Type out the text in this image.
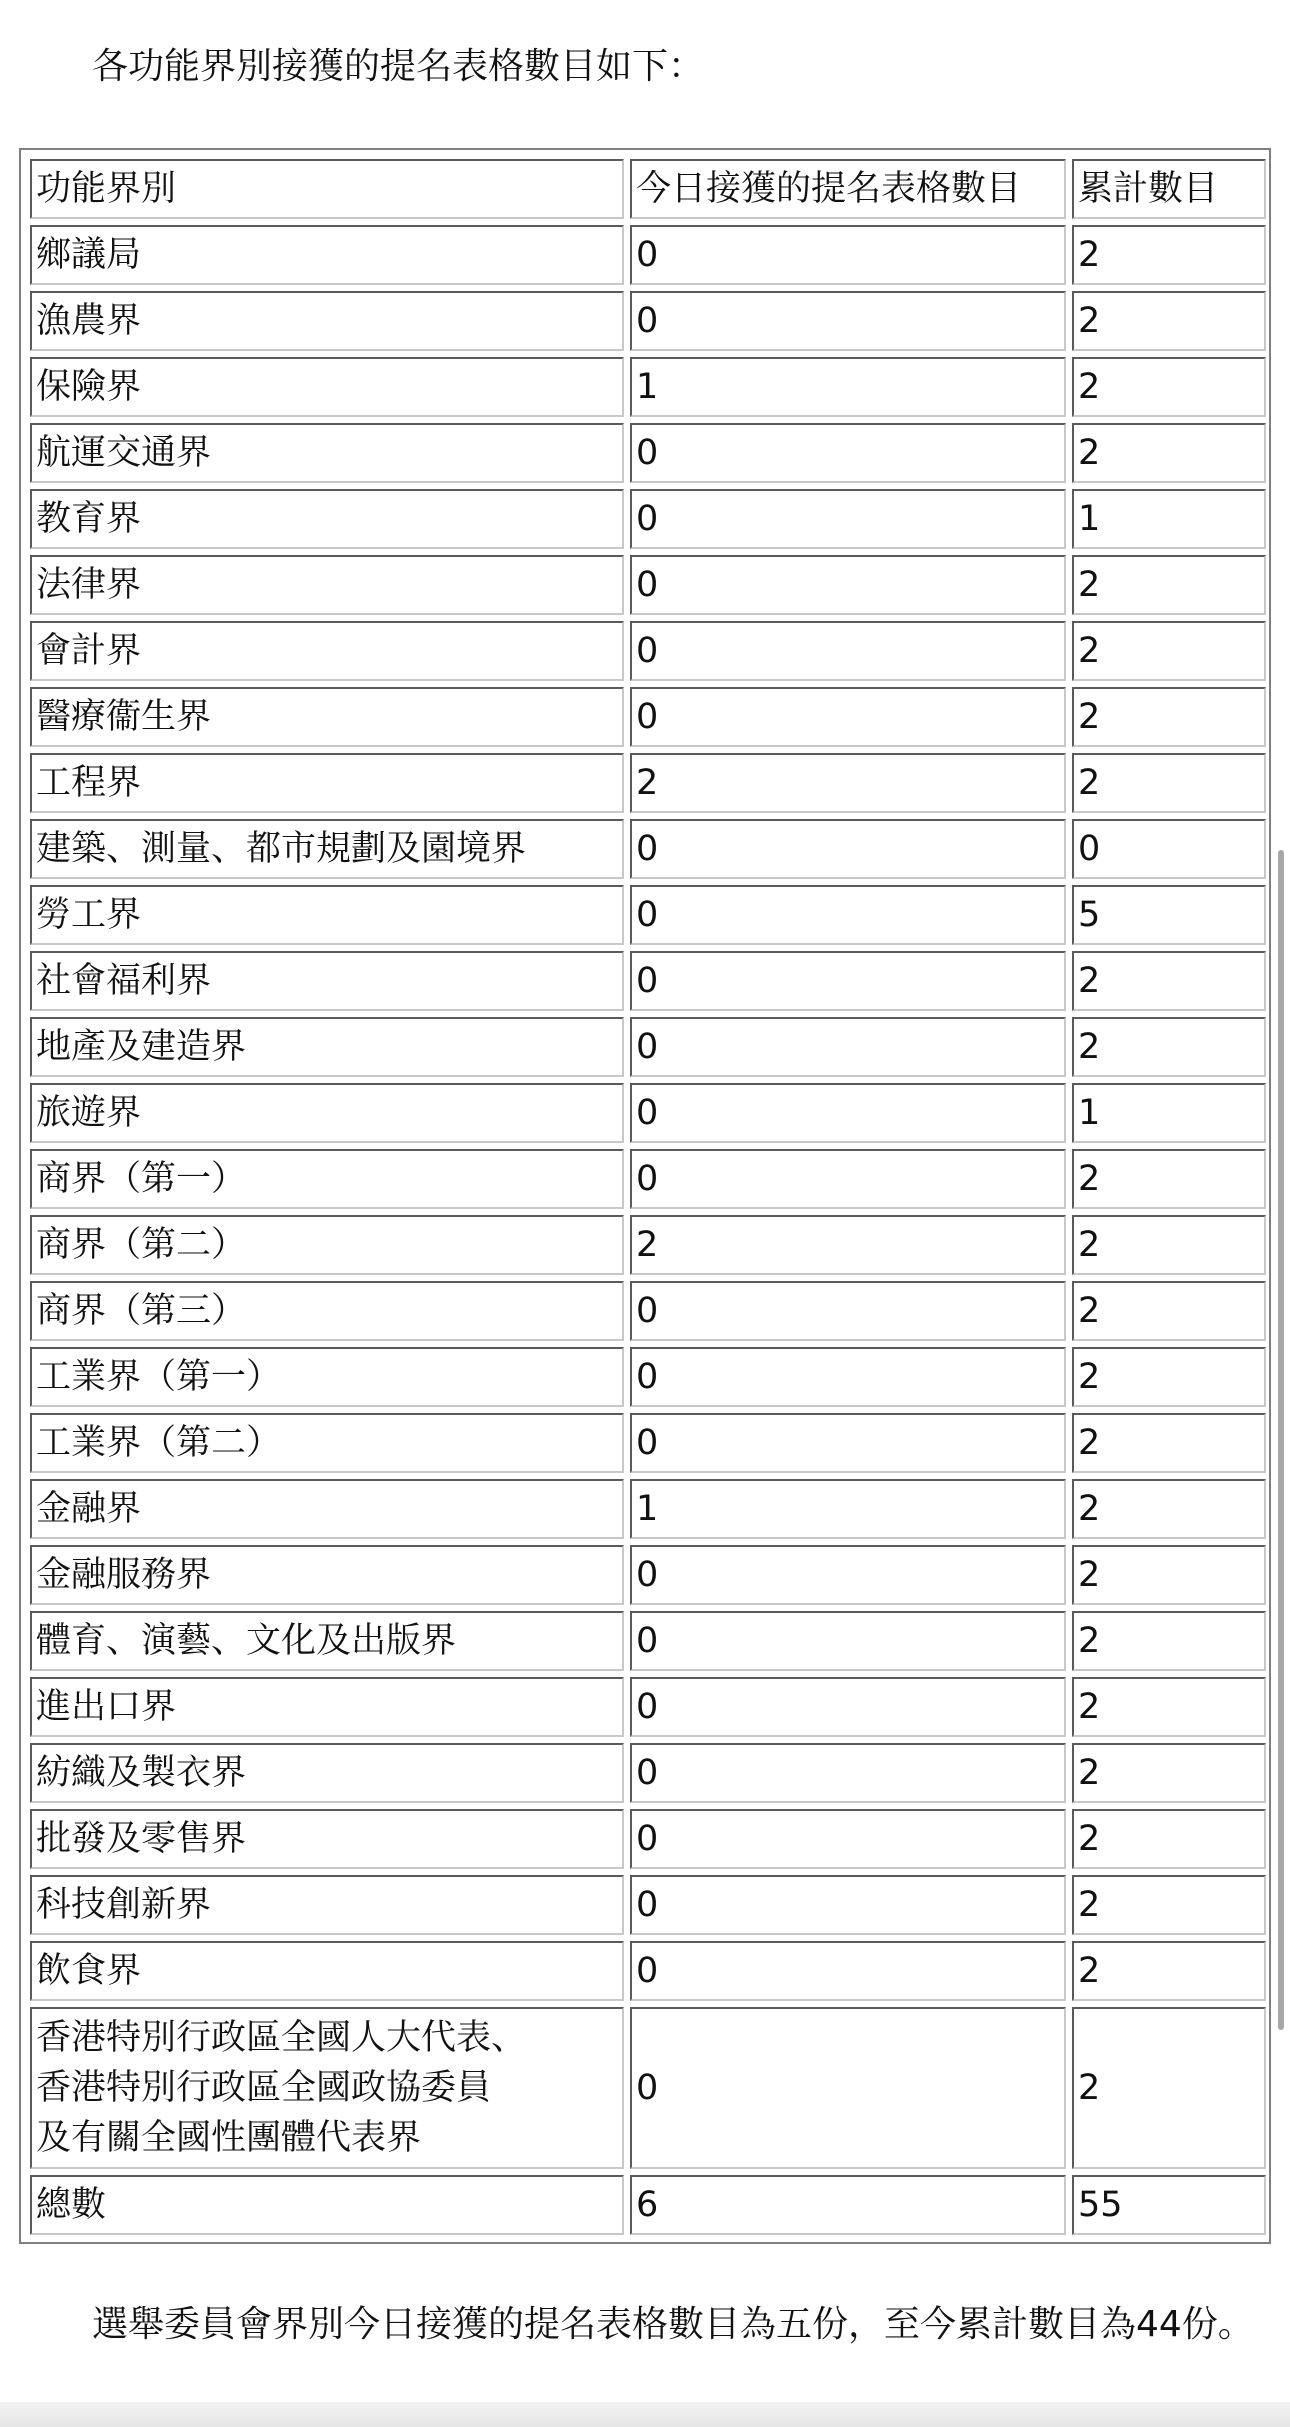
各功能界別接獲的提名表格數目如下：

功能界別	今日接獲的提名表格數目	累計數目
鄉議局	0	2
漁農界	0	2
保險界	1	2
航運交通界	0	2
教育界	0	1
法律界	0	2
會計界	0	2
醫療衞生界	0	2
工程界	2	2
建築、測量、都市規劃及園境界	0	0
勞工界	0	5
社會福利界	0	2
地產及建造界	0	2
旅遊界	0	1
商界（第一）	0	2
商界（第二）	2	2
商界（第三）	0	2
工業界（第一）	0	2
工業界（第二）	0	2
金融界	1	2
金融服務界	0	2
體育、演藝、文化及出版界	0	2
進出口界	0	2
紡織及製衣界	0	2
批發及零售界	0	2
科技創新界	0	2
飲食界	0	2

香港特別行政區全國人大代表、
香港特別行政區全國政協委員
及有關全國性團體代表界	0	2
總數	6	55

選舉委員會界別今日接獲的提名表格數目為五份，至今累計數目為44份。
